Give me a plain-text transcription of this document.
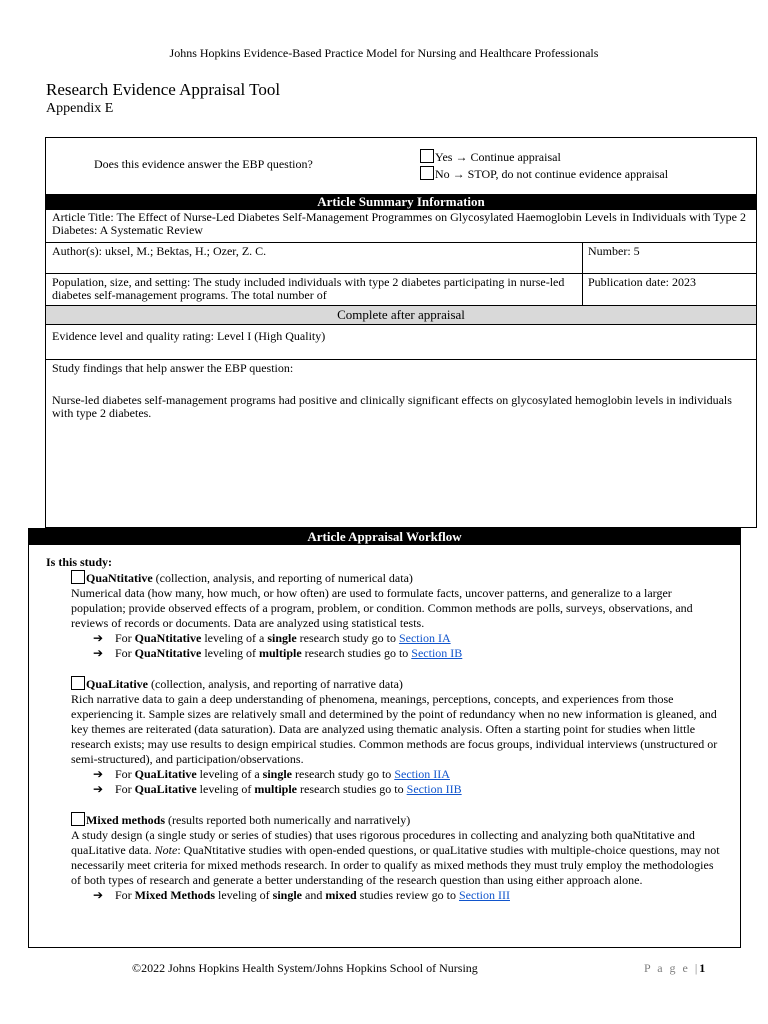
Johns Hopkins Evidence-Based Practice Model for Nursing and Healthcare Professionals
Research Evidence Appraisal Tool
Appendix E
Does this evidence answer the EBP question?	Yes → Continue appraisal
No → STOP, do not continue evidence appraisal
Article Summary Information
Article Title: The Effect of Nurse-Led Diabetes Self-Management Programmes on Glycosylated Haemoglobin Levels in Individuals with Type 2 Diabetes: A Systematic Review
Author(s): uksel, M.; Bektas, H.; Ozer, Z. C.	Number: 5
Population, size, and setting: The study included individuals with type 2 diabetes participating in nurse-led diabetes self-management programs. The total number of
Publication date: 2023
Complete after appraisal
Evidence level and quality rating: Level I (High Quality)
Study findings that help answer the EBP question:
Nurse-led diabetes self-management programs had positive and clinically significant effects on glycosylated hemoglobin levels in individuals with type 2 diabetes.
Article Appraisal Workflow

Is this study:

QuaNtitative (collection, analysis, and reporting of numerical data)

Numerical data (how many, how much, or how often) are used to formulate facts, uncover patterns, and generalize to a larger population; provide observed effects of a program, problem, or condition. Common methods are polls, surveys, observations, and reviews of records or documents. Data are analyzed using statistical tests.

➔ For QuaNtitative leveling of a single research study go to Section IA

➔ For QuaNtitative leveling of multiple research studies go to Section IB

QuaLitative (collection, analysis, and reporting of narrative data)

Rich narrative data to gain a deep understanding of phenomena, meanings, perceptions, concepts, and experiences from those experiencing it. Sample sizes are relatively small and determined by the point of redundancy when no new information is gleaned, and key themes are reiterated (data saturation). Data are analyzed using thematic analysis. Often a starting point for studies when little research exists; may use results to design empirical studies. Common methods are focus groups, individual interviews (unstructured or semi-structured), and participation/observations.

➔ For QuaLitative leveling of a single research study go to Section IIA

➔ For QuaLitative leveling of multiple research studies go to Section IIB

Mixed methods (results reported both numerically and narratively)

A study design (a single study or series of studies) that uses rigorous procedures in collecting and analyzing both quaNtitative and quaLitative data. Note: QuaNtitative studies with open-ended questions, or quaLitative studies with multiple-choice questions, may not necessarily meet criteria for mixed methods research. In order to qualify as mixed methods they must truly employ the methodologies of both types of research and generate a better understanding of the research question than using either approach alone.

➔ For Mixed Methods leveling of single and mixed studies review go to Section III

©2022 Johns Hopkins Health System/Johns Hopkins School of Nursing	P a g e |1
